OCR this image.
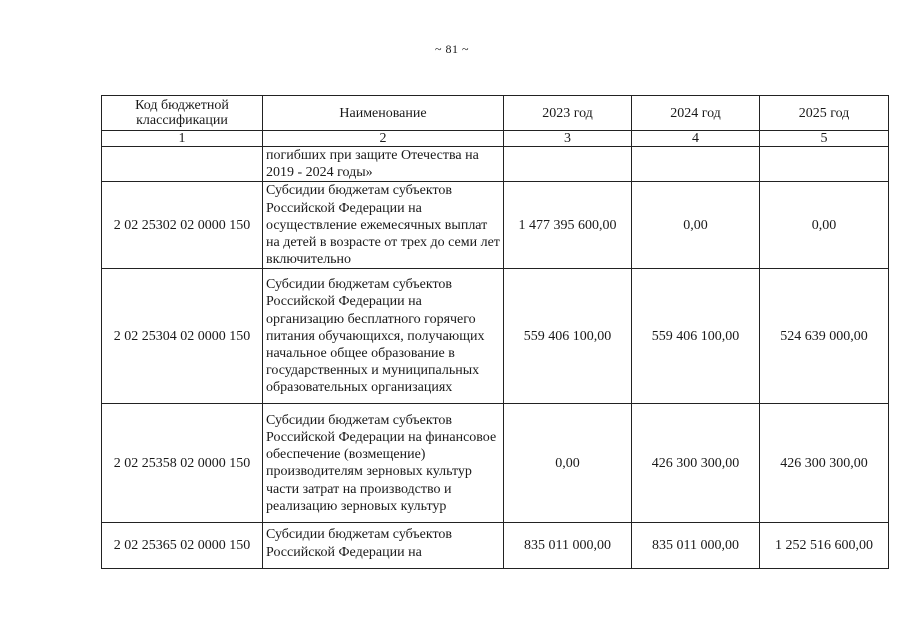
~ 81 ~
Код бюджетной классификации	Наименование	2023 год	2024 год	2025 год
1	2	3	4	5
	погибших при защите Отечества на 2019 - 2024 годы»			
2 02 25302 02 0000 150	Субсидии бюджетам субъектов Российской Федерации на осуществление ежемесячных выплат на детей в возрасте от трех до семи лет включительно	1 477 395 600,00	0,00	0,00
2 02 25304 02 0000 150	Субсидии бюджетам субъектов Российской Федерации на организацию бесплатного горячего питания обучающихся, получающих начальное общее образование в государственных и муниципальных образовательных организациях	559 406 100,00	559 406 100,00	524 639 000,00
2 02 25358 02 0000 150	Субсидии бюджетам субъектов Российской Федерации на финансовое обеспечение (возмещение) производителям зерновых культур части затрат на производство и реализацию зерновых культур	0,00	426 300 300,00	426 300 300,00
2 02 25365 02 0000 150	Субсидии бюджетам субъектов Российской Федерации на	835 011 000,00	835 011 000,00	1 252 516 600,00
